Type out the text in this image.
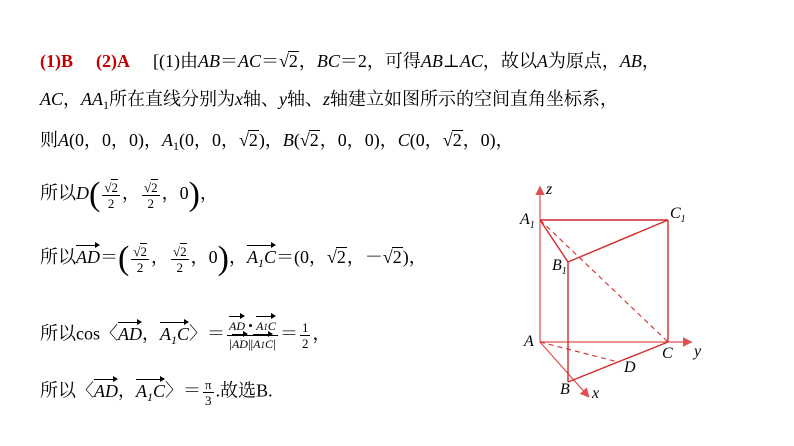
(1)B (2)A [(1)由AB＝AC＝√2，BC＝2，可得AB⊥AC，故以A为原点，AB，
AC，$AA_1$所在直线分别为x轴、y轴、z轴建立如图所示的空间直角坐标系，
则A(0，0，0)，$A_1(0$，0，√2)，B(√2，0，0)，C(0，√2，0)，
所以$D( \frac{√2}{2}$ ， $\frac{√2}{2}$ ，0)，
所以$AD=( \frac{√2}{2}$ ， $\frac{√2}{2}$ ，0)，$A_1C=(0$，√2，－√2)，
所以cos〈AD，$A_1C$〉＝ $\frac{AD • A1C}{|AD||A1C|} = \frac{1}{2}$ ，
所以〈AD，$A_1C$〉＝ $\frac{\pi}{3}$ .故选B.
z
$A_1$
$C_1$
$B_1$
A
C y
D
B x
